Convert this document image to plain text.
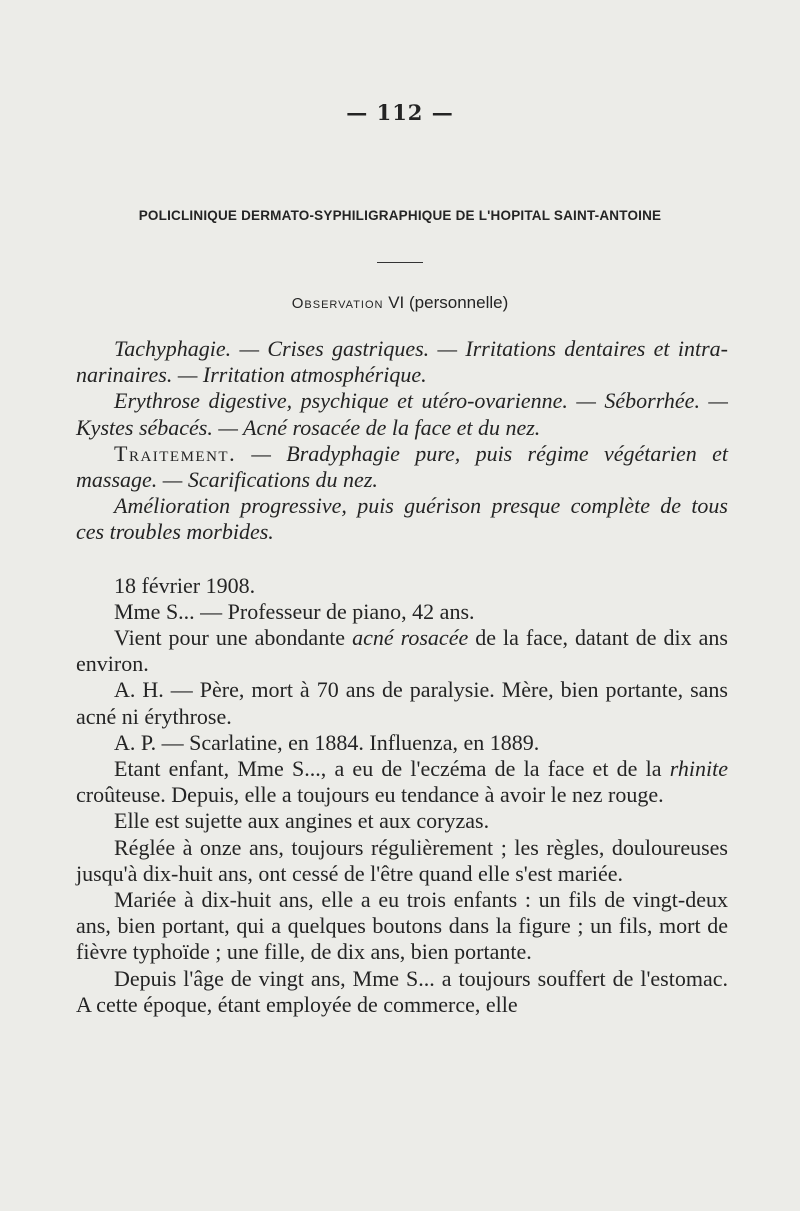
— 112 —
POLICLINIQUE DERMATO-SYPHILIGRAPHIQUE DE L'HOPITAL SAINT-ANTOINE
Observation VI (personnelle)

Tachyphagie. — Crises gastriques. — Irritations dentaires et intra-narinaires. — Irritation atmosphérique.

Erythrose digestive, psychique et utéro-ovarienne. — Séborrhée. — Kystes sébacés. — Acné rosacée de la face et du nez.

Traitement. — Bradyphagie pure, puis régime végétarien et massage. — Scarifications du nez.

Amélioration progressive, puis guérison presque complète de tous ces troubles morbides.

18 février 1908.

Mme S... — Professeur de piano, 42 ans.

Vient pour une abondante acné rosacée de la face, datant de dix ans environ.

A. H. — Père, mort à 70 ans de paralysie. Mère, bien portante, sans acné ni érythrose.

A. P. — Scarlatine, en 1884. Influenza, en 1889.

Etant enfant, Mme S..., a eu de l'eczéma de la face et de la rhinite croûteuse. Depuis, elle a toujours eu tendance à avoir le nez rouge.

Elle est sujette aux angines et aux coryzas.

Réglée à onze ans, toujours régulièrement ; les règles, douloureuses jusqu'à dix-huit ans, ont cessé de l'être quand elle s'est mariée.

Mariée à dix-huit ans, elle a eu trois enfants : un fils de vingt-deux ans, bien portant, qui a quelques boutons dans la figure ; un fils, mort de fièvre typhoïde ; une fille, de dix ans, bien portante.

Depuis l'âge de vingt ans, Mme S... a toujours souffert de l'estomac. A cette époque, étant employée de commerce, elle
